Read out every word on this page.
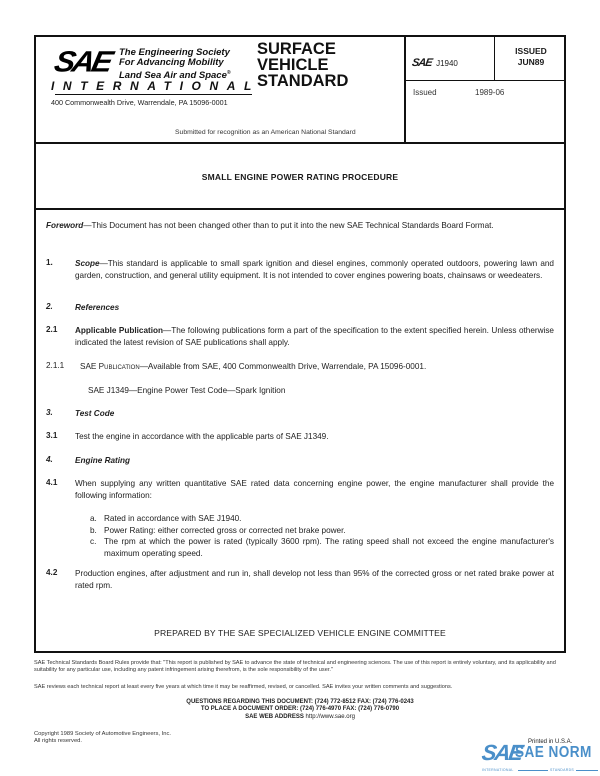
SAE The Engineering Society
For Advancing Mobility
Land Sea Air and Space®
INTERNATIONAL
400 Commonwealth Drive, Warrendale, PA 15096-0001
SURFACE
VEHICLE
STANDARD
SAE J1940
ISSUED
JUN89
Issued	1989-06
Submitted for recognition as an American National Standard
SMALL ENGINE POWER RATING PROCEDURE
Foreword—This Document has not been changed other than to put it into the new SAE Technical Standards Board Format.
1.	Scope—This standard is applicable to small spark ignition and diesel engines, commonly operated outdoors, powering lawn and garden, construction, and general utility equipment. It is not intended to cover engines powering boats, chainsaws or weedeaters.
2.	References
2.1 Applicable Publication—The following publications form a part of the specification to the extent specified herein. Unless otherwise indicated the latest revision of SAE publications shall apply.
2.1.1 SAE Publication—Available from SAE, 400 Commonwealth Drive, Warrendale, PA 15096-0001.
SAE J1349—Engine Power Test Code—Spark Ignition
3.	Test Code
3.1 Test the engine in accordance with the applicable parts of SAE J1349.
4.	Engine Rating
4.1 When supplying any written quantitative SAE rated data concerning engine power, the engine manufacturer shall provide the following information:
a. Rated in accordance with SAE J1940.
b. Power Rating: either corrected gross or corrected net brake power.
c. The rpm at which the power is rated (typically 3600 rpm). The rating speed shall not exceed the engine manufacturer's maximum operating speed.
4.2 Production engines, after adjustment and run in, shall develop not less than 95% of the corrected gross or net rated brake power at rated rpm.
PREPARED BY THE SAE SPECIALIZED VEHICLE ENGINE COMMITTEE
SAE Technical Standards Board Rules provide that: "This report is published by SAE to advance the state of technical and engineering sciences. The use of this report is entirely voluntary, and its applicability and suitability for any particular use, including any patent infringement arising therefrom, is the sole responsibility of the user."
SAE reviews each technical report at least every five years at which time it may be reaffirmed, revised, or cancelled. SAE invites your written comments and suggestions.
QUESTIONS REGARDING THIS DOCUMENT: (724) 772-8512 FAX: (724) 776-0243
TO PLACE A DOCUMENT ORDER: (724) 776-4970 FAX: (724) 776-0790
SAE WEB ADDRESS http://www.sae.org
Copyright 1989 Society of Automotive Engineers, Inc.
All rights reserved.	SAE
SAE NORM
INTERNATIONAL	STANDARDS
Printed in U.S.A.
